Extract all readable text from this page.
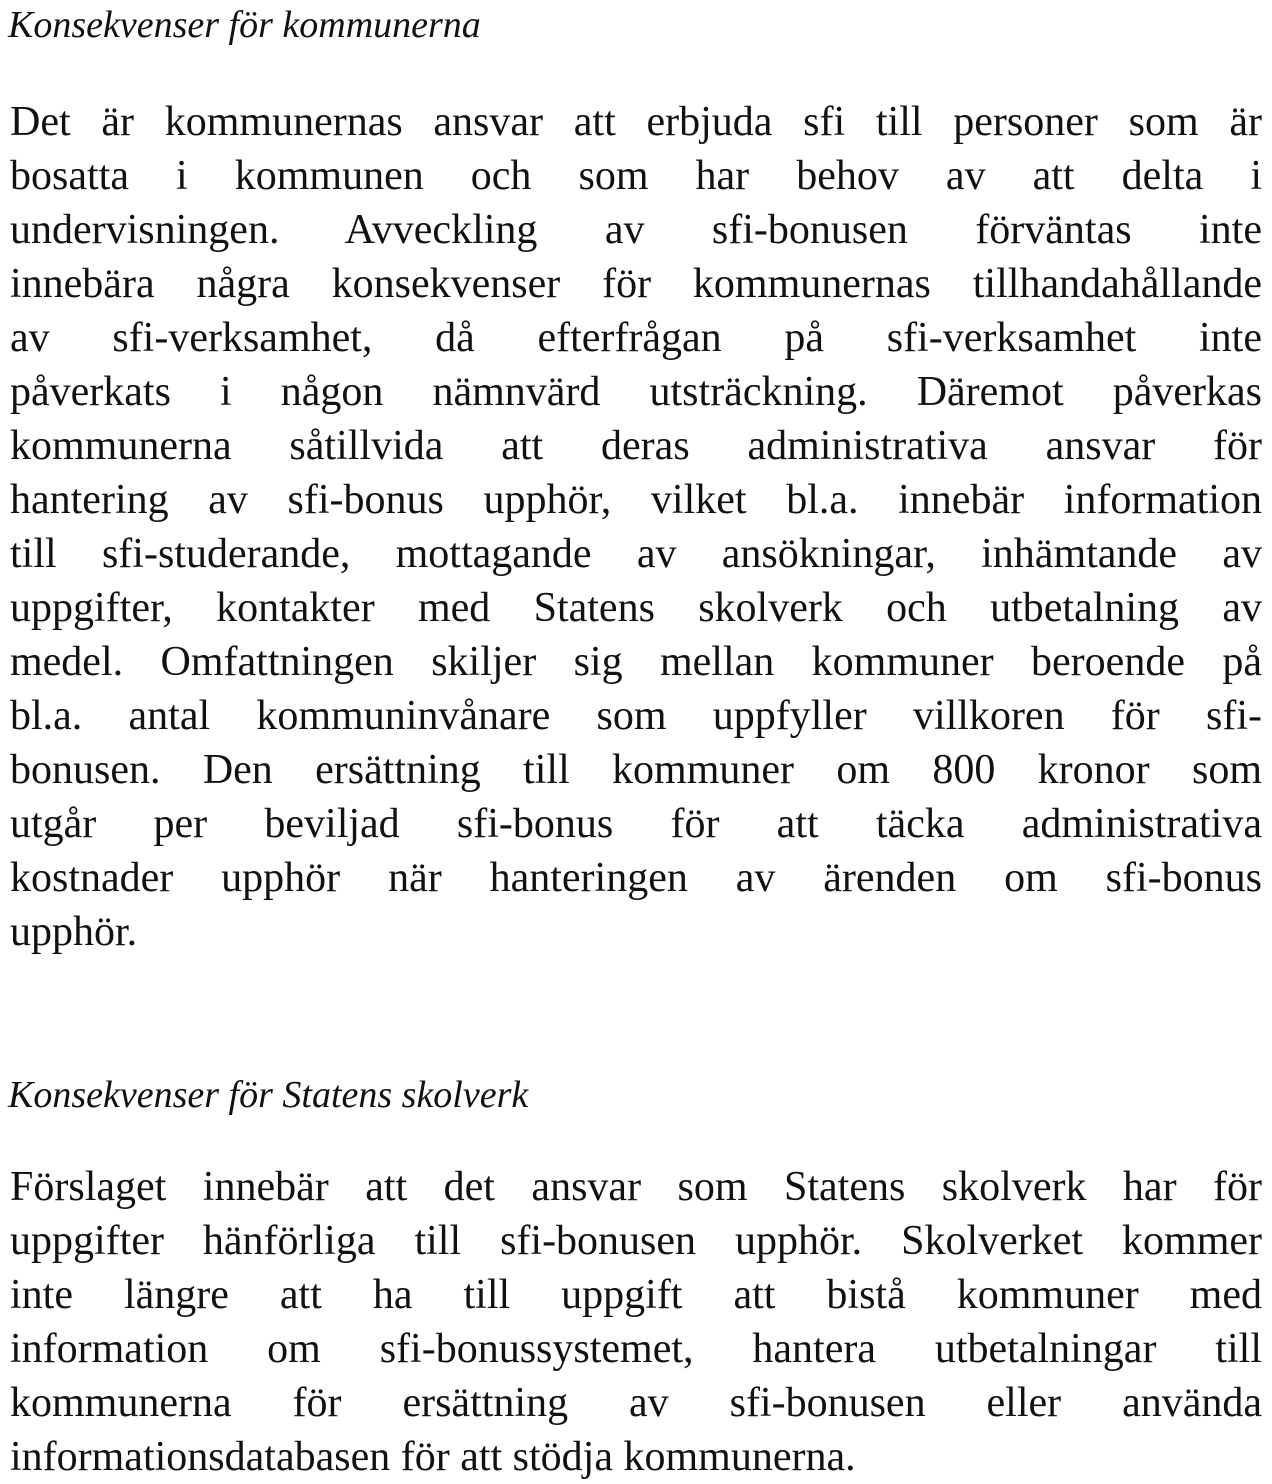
Konsekvenser för kommunerna
Det är kommunernas ansvar att erbjuda sfi till personer som är
bosatta i kommunen och som har behov av att delta i
undervisningen. Avveckling av sfi-bonusen förväntas inte
innebära några konsekvenser för kommunernas tillhandahållande
av sfi-verksamhet, då efterfrågan på sfi-verksamhet inte
påverkats i någon nämnvärd utsträckning. Däremot påverkas
kommunerna såtillvida att deras administrativa ansvar för
hantering av sfi-bonus upphör, vilket bl.a. innebär information
till sfi-studerande, mottagande av ansökningar, inhämtande av
uppgifter, kontakter med Statens skolverk och utbetalning av
medel. Omfattningen skiljer sig mellan kommuner beroende på
bl.a. antal kommuninvånare som uppfyller villkoren för sfi-
bonusen. Den ersättning till kommuner om 800 kronor som
utgår per beviljad sfi-bonus för att täcka administrativa
kostnader upphör när hanteringen av ärenden om sfi-bonus
upphör.
Konsekvenser för Statens skolverk
Förslaget innebär att det ansvar som Statens skolverk har för
uppgifter hänförliga till sfi-bonusen upphör. Skolverket kommer
inte längre att ha till uppgift att bistå kommuner med
information om sfi-bonussystemet, hantera utbetalningar till
kommunerna för ersättning av sfi-bonusen eller använda
informationsdatabasen för att stödja kommunerna.
